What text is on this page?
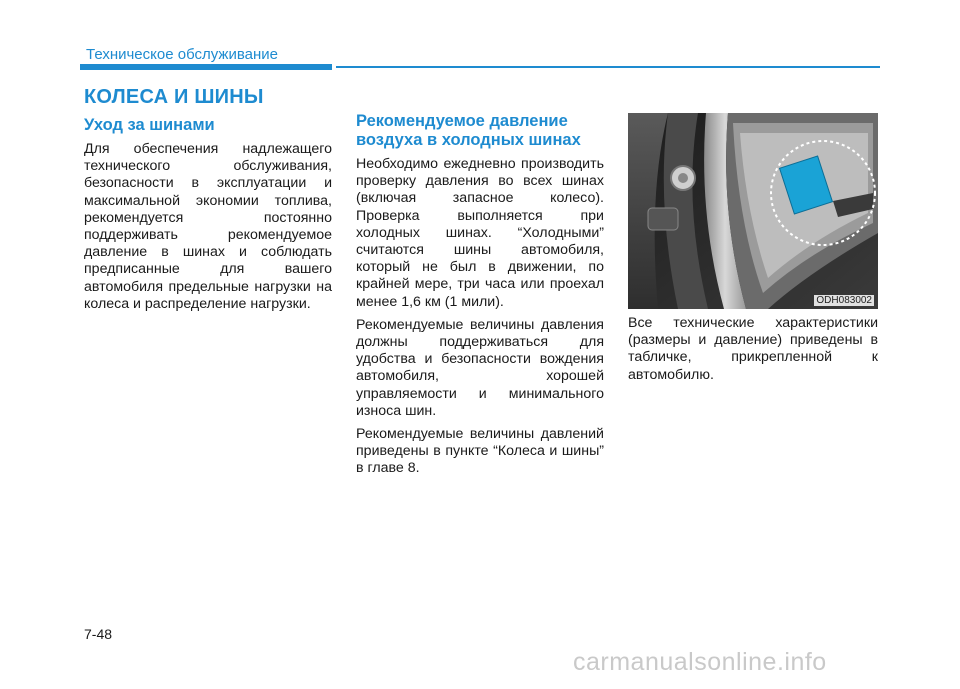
Техническое обслуживание
КОЛЕСА И ШИНЫ
Уход за шинами

Для обеспечения надлежащего технического обслуживания, безопасности в эксплуатации и максимальной экономии топлива, рекомендуется постоянно поддерживать рекомендуемое давление в шинах и соблюдать предписанные для вашего автомобиля предельные нагрузки на колеса и распределение нагрузки.

Рекомендуемое давление воздуха в холодных шинах

Необходимо ежедневно производить проверку давления во всех шинах (включая запасное колесо). Проверка выполняется при холодных шинах. “Холодными” считаются шины автомобиля, который не был в движении, по крайней мере, три часа или проехал менее 1,6 км (1 мили).

Рекомендуемые величины давления должны поддерживаться для удобства и безопасности вождения автомобиля, хорошей управляемости и минимального износа шин.

Рекомендуемые величины давлений приведены в пункте “Колеса и шины” в главе 8.

ODH083002

Все технические характеристики (размеры и давление) приведены в табличке, прикрепленной к автомобилю.

7-48
carmanualsonline.info
